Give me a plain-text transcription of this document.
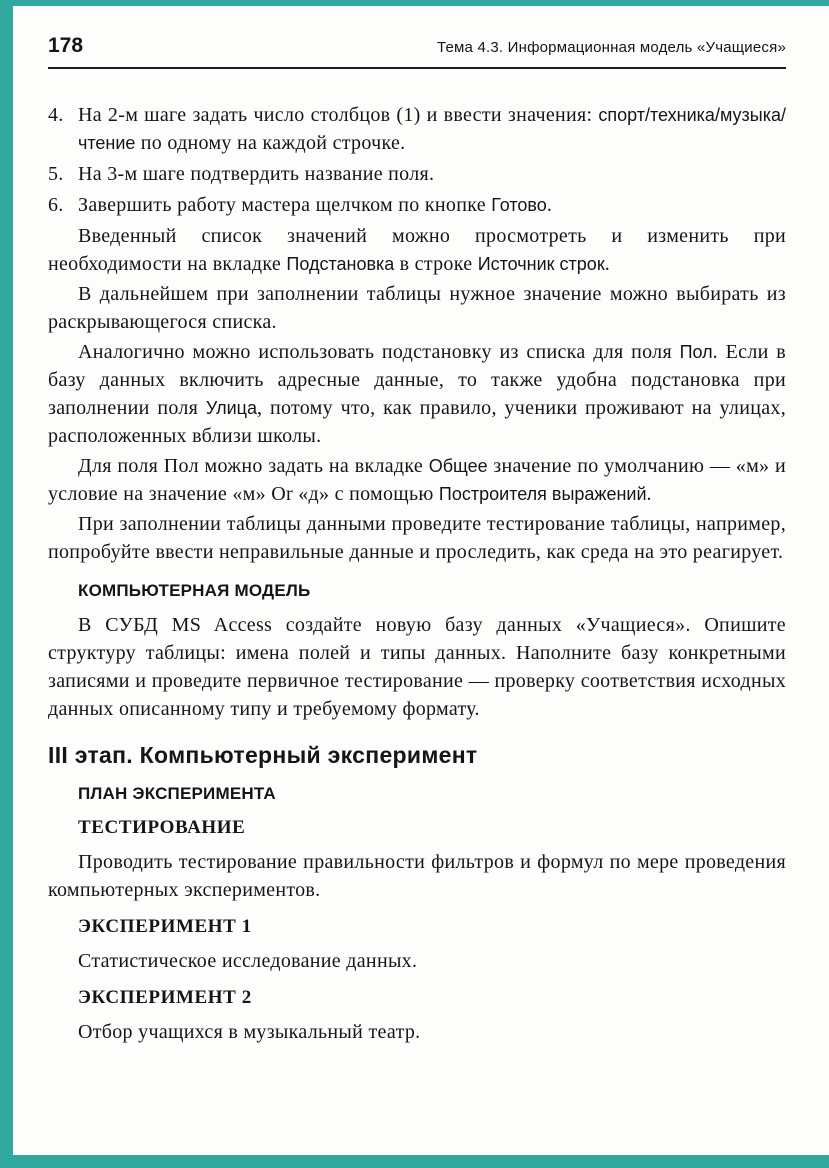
178	Тема 4.3. Информационная модель «Учащиеся»
4. На 2-м шаге задать число столбцов (1) и ввести значения: спорт/техника/музыка/чтение по одному на каждой строчке.
5. На 3-м шаге подтвердить название поля.
6. Завершить работу мастера щелчком по кнопке Готово.

Введенный список значений можно просмотреть и изменить при необходимости на вкладке Подстановка в строке Источник строк.

В дальнейшем при заполнении таблицы нужное значение можно выбирать из раскрывающегося списка.

Аналогично можно использовать подстановку из списка для поля Пол. Если в базу данных включить адресные данные, то также удобна подстановка при заполнении поля Улица, потому что, как правило, ученики проживают на улицах, расположенных вблизи школы.

Для поля Пол можно задать на вкладке Общее значение по умолчанию — «м» и условие на значение «м» Or «д» с помощью Построителя выражений.

При заполнении таблицы данными проведите тестирование таблицы, например, попробуйте ввести неправильные данные и проследить, как среда на это реагирует.

КОМПЬЮТЕРНАЯ МОДЕЛЬ

В СУБД MS Access создайте новую базу данных «Учащиеся». Опишите структуру таблицы: имена полей и типы данных. Наполните базу конкретными записями и проведите первичное тестирование — проверку соответствия исходных данных описанному типу и требуемому формату.

III этап. Компьютерный эксперимент
ПЛАН ЭКСПЕРИМЕНТА
ТЕСТИРОВАНИЕ

Проводить тестирование правильности фильтров и формул по мере проведения компьютерных экспериментов.

ЭКСПЕРИМЕНТ 1

Статистическое исследование данных.

ЭКСПЕРИМЕНТ 2

Отбор учащихся в музыкальный театр.
